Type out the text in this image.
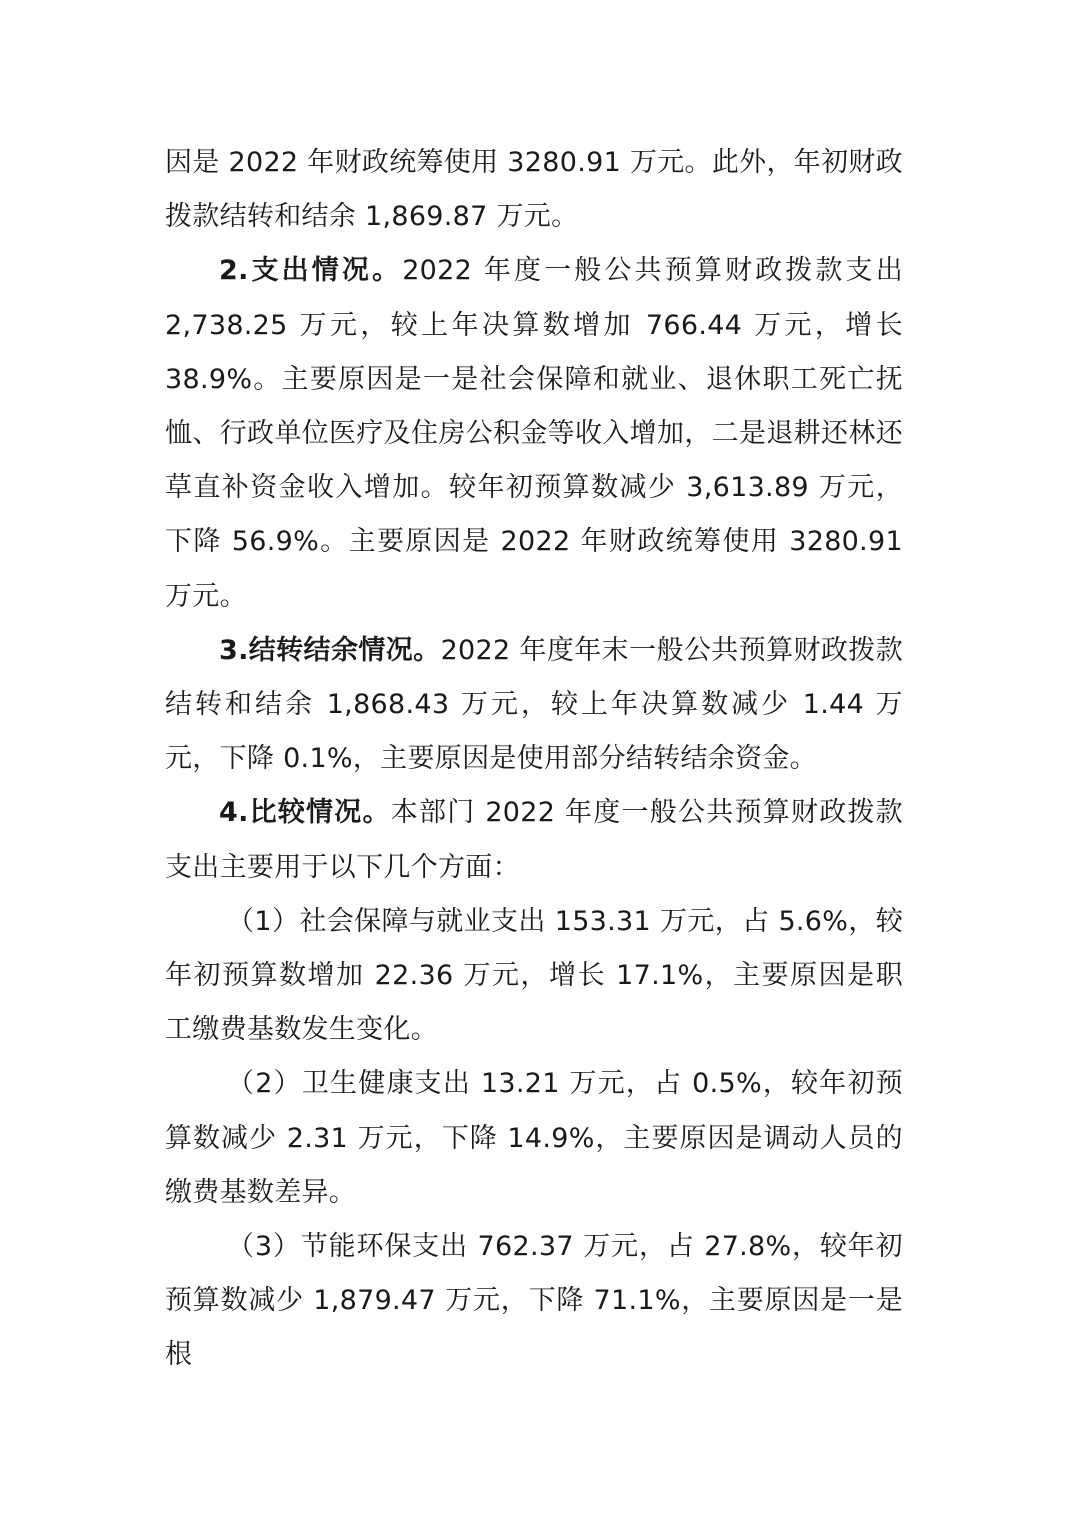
因是 2022 年财政统筹使用 3280.91 万元。此外，年初财政拨款结转和结余 1,869.87 万元。

2.支出情况。2022 年度一般公共预算财政拨款支出 2,738.25 万元，较上年决算数增加 766.44 万元，增长 38.9%。主要原因是一是社会保障和就业、退休职工死亡抚恤、行政单位医疗及住房公积金等收入增加，二是退耕还林还草直补资金收入增加。较年初预算数减少 3,613.89 万元，下降 56.9%。主要原因是 2022 年财政统筹使用 3280.91 万元。

3.结转结余情况。2022 年度年末一般公共预算财政拨款结转和结余 1,868.43 万元，较上年决算数减少 1.44 万元，下降 0.1%，主要原因是使用部分结转结余资金。

4.比较情况。本部门 2022 年度一般公共预算财政拨款支出主要用于以下几个方面：

（1）社会保障与就业支出 153.31 万元，占 5.6%，较年初预算数增加 22.36 万元，增长 17.1%，主要原因是职工缴费基数发生变化。

（2）卫生健康支出 13.21 万元，占 0.5%，较年初预算数减少 2.31 万元，下降 14.9%，主要原因是调动人员的缴费基数差异。

（3）节能环保支出 762.37 万元，占 27.8%，较年初预算数减少 1,879.47 万元，下降 71.1%，主要原因是一是根
